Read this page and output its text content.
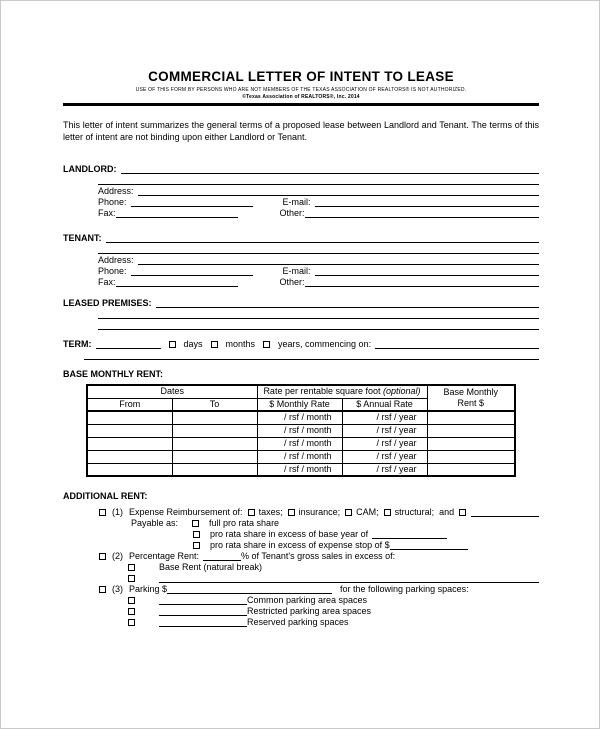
COMMERCIAL LETTER OF INTENT TO LEASE
USE OF THIS FORM BY PERSONS WHO ARE NOT MEMBERS OF THE TEXAS ASSOCIATION OF REALTORS® IS NOT AUTHORIZED.
©Texas Association of REALTORS®, Inc. 2014

This letter of intent summarizes the general terms of a proposed lease between Landlord and Tenant. The terms of this letter of intent are not binding upon either Landlord or Tenant.

LANDLORD:
Address:
Phone:	E-mail:
Fax:	Other:
TENANT:
Address:
Phone:	E-mail:
Fax:	Other:
LEASED PREMISES:
TERM:	days	months	years, commencing on:
BASE MONTHLY RENT:
Dates		Rate per rentable square foot (optional)		Base Monthly
Rent $

From	To	$ Monthly Rate	$ Annual Rate	
		/ rsf / month	/ rsf / year	
		/ rsf / month	/ rsf / year	
		/ rsf / month	/ rsf / year	
		/ rsf / month	/ rsf / year	
		/ rsf / month	/ rsf / year	
ADDITIONAL RENT:
(1) Expense Reimbursement of: taxes; insurance; CAM; structural; and
Payable as:	full pro rata share
pro rata share in excess of base year of
pro rata share in excess of expense stop of $
(2) Percentage Rent:	% of Tenant's gross sales in excess of:
Base Rent (natural break)
(3) Parking $	for the following parking spaces:
Common parking area spaces
Restricted parking area spaces
Reserved parking spaces
